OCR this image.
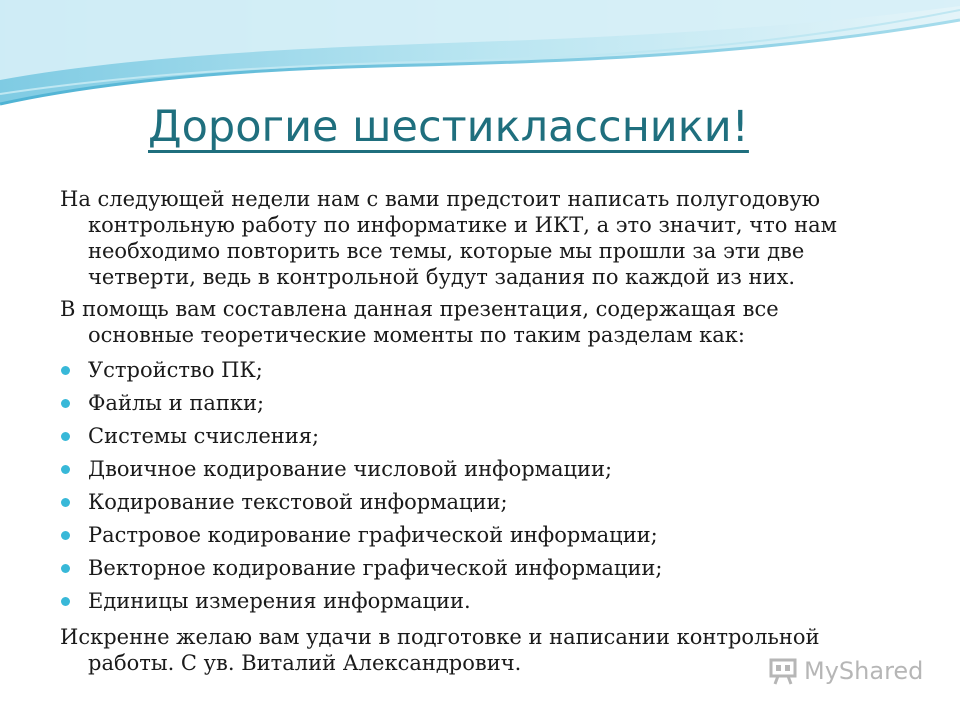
Дорогие шестиклассники!

На следующей недели нам с вами предстоит написать полугодовую контрольную работу по информатике и ИКТ, а это значит, что нам необходимо повторить все темы, которые мы прошли за эти две четверти, ведь в контрольной будут задания по каждой из них.

В помощь вам составлена данная презентация, содержащая все основные теоретические моменты по таким разделам как:

Устройство ПК;
Файлы и папки;
Системы счисления;
Двоичное кодирование числовой информации;
Кодирование текстовой информации;
Растровое кодирование графической информации;
Векторное кодирование графической информации;
Единицы измерения информации.

Искренне желаю вам удачи в подготовке и написании контрольной работы. С ув. Виталий Александрович.	MyShared
